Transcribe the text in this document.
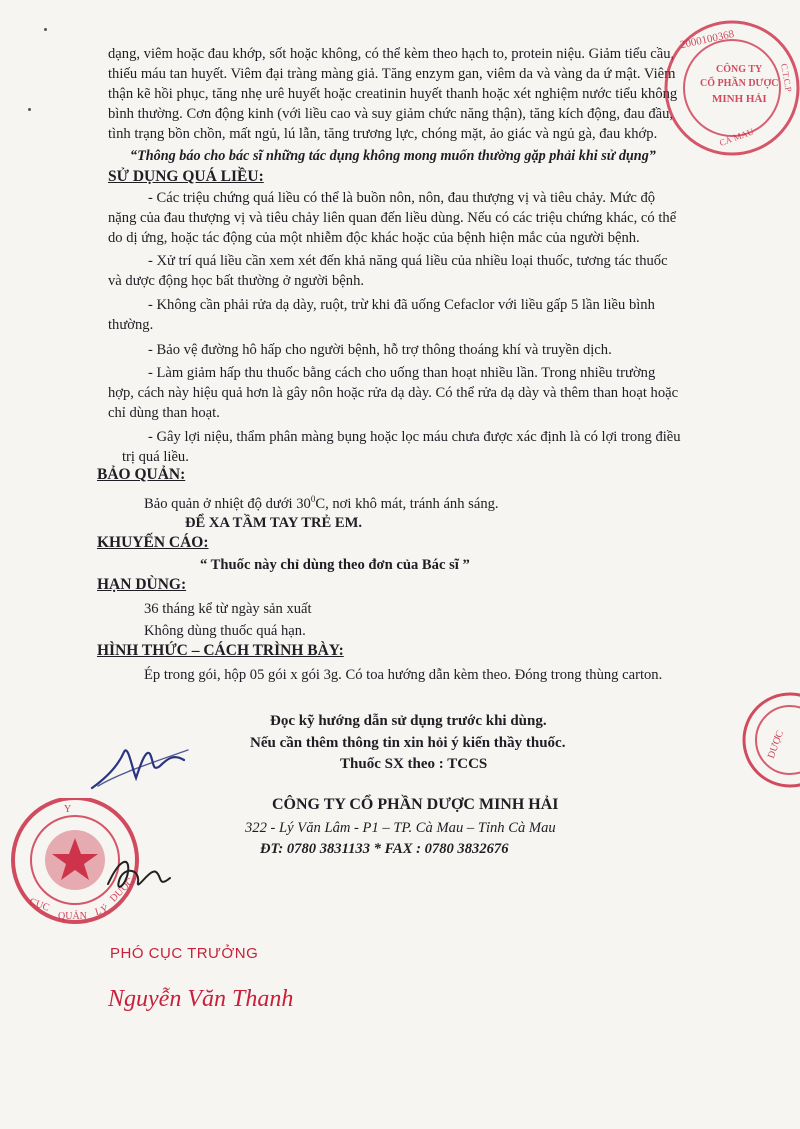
dạng, viêm hoặc đau khớp, sốt hoặc không, có thể kèm theo hạch to, protein niệu. Giảm tiểu cầu,
thiếu máu tan huyết. Viêm đại tràng màng giả. Tăng enzym gan, viêm da và vàng da ứ mật. Viêm
thận kẽ hồi phục, tăng nhẹ urê huyết hoặc creatinin huyết thanh hoặc xét nghiệm nước tiểu không
bình thường. Cơn động kinh (với liều cao và suy giảm chức năng thận), tăng kích động, đau đầu,
tình trạng bồn chồn, mất ngủ, lú lẫn, tăng trương lực, chóng mặt, ảo giác và ngủ gà, đau khớp.
“Thông báo cho bác sĩ những tác dụng không mong muốn thường gặp phải khi sử dụng”
SỬ DỤNG QUÁ LIỀU:
- Các triệu chứng quá liều có thể là buồn nôn, nôn, đau thượng vị và tiêu chảy. Mức độ
nặng của đau thượng vị và tiêu chảy liên quan đến liều dùng. Nếu có các triệu chứng khác, có thể
do dị ứng, hoặc tác động của một nhiễm độc khác hoặc của bệnh hiện mắc của người bệnh.
- Xử trí quá liều cần xem xét đến khả năng quá liều của nhiều loại thuốc, tương tác thuốc
và dược động học bất thường ở người bệnh.
- Không cần phải rửa dạ dày, ruột, trừ khi đã uống Cefaclor với liều gấp 5 lần liều bình
thường.
- Bảo vệ đường hô hấp cho người bệnh, hỗ trợ thông thoáng khí và truyền dịch.
- Làm giảm hấp thu thuốc bằng cách cho uống than hoạt nhiều lần. Trong nhiều trường
hợp, cách này hiệu quả hơn là gây nôn hoặc rửa dạ dày. Có thể rửa dạ dày và thêm than hoạt hoặc
chỉ dùng than hoạt.
- Gây lợi niệu, thẩm phân màng bụng hoặc lọc máu chưa được xác định là có lợi trong điều
trị quá liều.
BẢO QUẢN:
Bảo quản ở nhiệt độ dưới $30^0C$, nơi khô mát, tránh ánh sáng.
ĐỂ XA TẦM TAY TRẺ EM.
KHUYẾN CÁO:
“ Thuốc này chỉ dùng theo đơn của Bác sĩ ”
HẠN DÙNG:
36 tháng kể từ ngày sản xuất
Không dùng thuốc quá hạn.
HÌNH THỨC – CÁCH TRÌNH BÀY:
Ép trong gói, hộp 05 gói x gói 3g. Có toa hướng dẫn kèm theo. Đóng trong thùng carton.
Đọc kỹ hướng dẫn sử dụng trước khi dùng.
Nếu cần thêm thông tin xin hỏi ý kiến thầy thuốc.
Thuốc SX theo : TCCS
CÔNG TY CỔ PHẦN DƯỢC MINH HẢI
322 - Lý Văn Lâm - P1 – TP. Cà Mau – Tỉnh Cà Mau
ĐT: 0780 3831133 * FAX : 0780 3832676
2000100368
CÔNG TY
CỔ PHẦN DƯỢC
MINH HẢI
C.T.C.P
CÀ MAU
DƯỢC
CỤC
QUẢN LÝ
DƯỢC
Y
PHÓ CỤC TRƯỞNG
Nguyễn Văn Thanh
